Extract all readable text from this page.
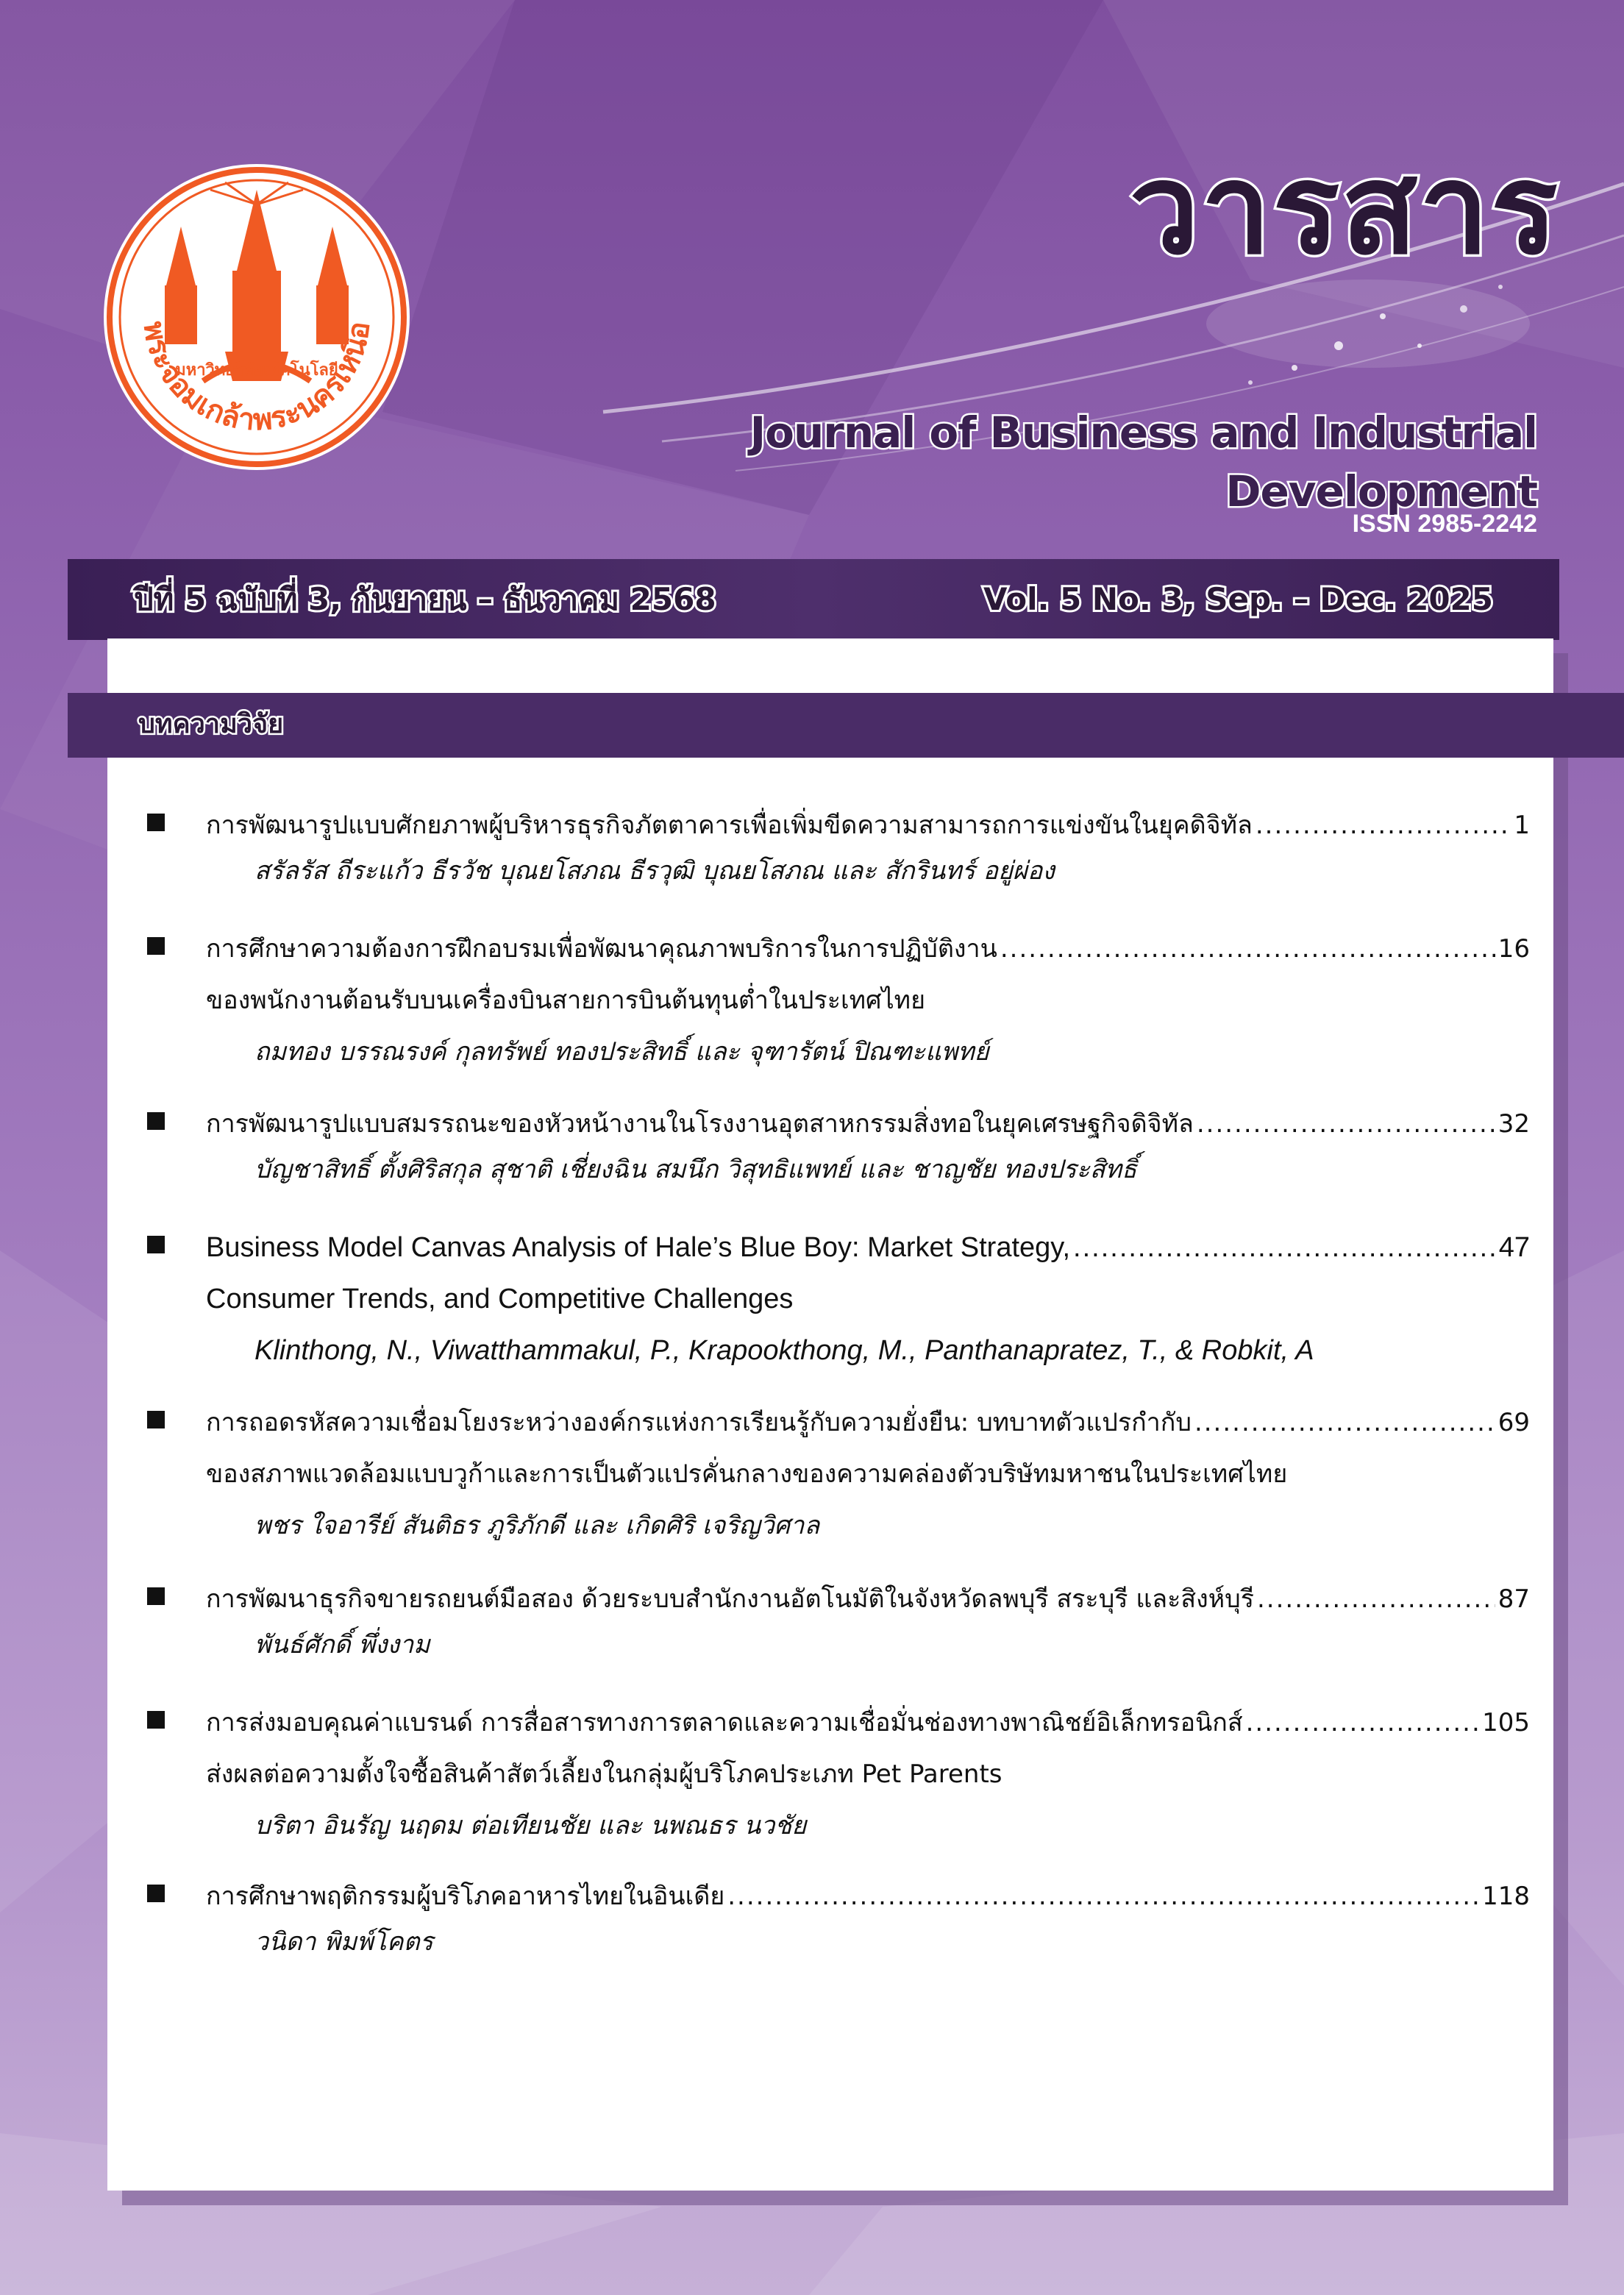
มหาวิทยาลัยเทคโนโลยี
พระจอมเกล้าพระนครเหนือ
วารสาร
Journal of Business and Industrial Development
ISSN 2985-2242
ปีที่ 5 ฉบับที่ 3, กันยายน – ธันวาคม 2568	Vol. 5 No. 3, Sep. – Dec. 2025
บทความวิจัย
การพัฒนารูปแบบศักยภาพผู้บริหารธุรกิจภัตตาคารเพื่อเพิ่มขีดความสามารถการแข่งขันในยุคดิจิทัล .....	1
สรัลรัส ถีระแก้ว ธีรวัช บุณยโสภณ ธีรวุฒิ บุณยโสภณ และ สักรินทร์ อยู่ผ่อง
การศึกษาความต้องการฝึกอบรมเพื่อพัฒนาคุณภาพบริการในการปฏิบัติงาน .....	16
ของพนักงานต้อนรับบนเครื่องบินสายการบินต้นทุนต่ำในประเทศไทย
ถมทอง บรรณรงค์ กุลทรัพย์ ทองประสิทธิ์ และ จุฑารัตน์ ปิณฑะแพทย์
การพัฒนารูปแบบสมรรถนะของหัวหน้างานในโรงงานอุตสาหกรรมสิ่งทอในยุคเศรษฐกิจดิจิทัล .....	32
บัญชาสิทธิ์ ตั้งศิริสกุล สุชาติ เชี่ยงฉิน สมนึก วิสุทธิแพทย์ และ ชาญชัย ทองประสิทธิ์
Business Model Canvas Analysis of Hale’s Blue Boy: Market Strategy, .....	47
Consumer Trends, and Competitive Challenges
Klinthong, N., Viwatthammakul, P., Krapookthong, M., Panthanapratez, T., & Robkit, A
การถอดรหัสความเชื่อมโยงระหว่างองค์กรแห่งการเรียนรู้กับความยั่งยืน: บทบาทตัวแปรกำกับ .....	69
ของสภาพแวดล้อมแบบวูก้าและการเป็นตัวแปรคั่นกลางของความคล่องตัวบริษัทมหาชนในประเทศไทย
พชร ใจอารีย์ สันติธร ภูริภักดี และ เกิดศิริ เจริญวิศาล
การพัฒนาธุรกิจขายรถยนต์มือสอง ด้วยระบบสำนักงานอัตโนมัติในจังหวัดลพบุรี สระบุรี และสิงห์บุรี .....	87
พันธ์ศักดิ์ พึ่งงาม
การส่งมอบคุณค่าแบรนด์ การสื่อสารทางการตลาดและความเชื่อมั่นช่องทางพาณิชย์อิเล็กทรอนิกส์ .....	105
ส่งผลต่อความตั้งใจซื้อสินค้าสัตว์เลี้ยงในกลุ่มผู้บริโภคประเภท Pet Parents
บริตา อินรัญ นฤดม ต่อเทียนชัย และ นพณธร นวชัย
การศึกษาพฤติกรรมผู้บริโภคอาหารไทยในอินเดีย .....	118
วนิดา พิมพ์โคตร
